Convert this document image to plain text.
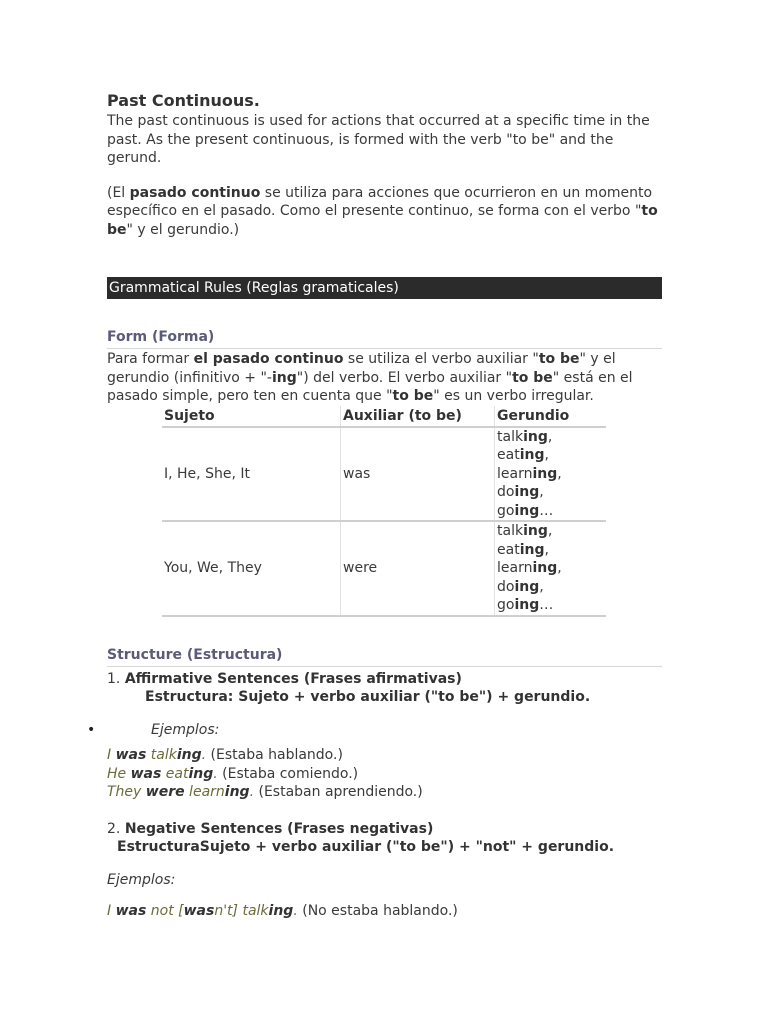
Past Continuous.

The past continuous is used for actions that occurred at a specific time in the past. As the present continuous, is formed with the verb "to be" and the gerund.

(El pasado continuo se utiliza para acciones que ocurrieron en un momento específico en el pasado. Como el presente continuo, se forma con el verbo "to be" y el gerundio.)

Grammatical Rules (Reglas gramaticales)
Form (Forma)

Para formar el pasado continuo se utiliza el verbo auxiliar "to be" y el gerundio (infinitivo + "-ing") del verbo. El verbo auxiliar "to be" está en el pasado simple, pero ten en cuenta que "to be" es un verbo irregular.

Sujeto	Auxiliar (to be)	Gerundio
I, He, She, It	was	talking,
eating,
learning,
doing,
going…

You, We, They	were	talking,
eating,
learning,
doing,
going…
Structure (Estructura)
1. Affirmative Sentences (Frases afirmativas)
Estructura: Sujeto + verbo auxiliar ("to be") + gerundio.
•	Ejemplos:
I was talking. (Estaba hablando.)
He was eating. (Estaba comiendo.)
They were learning. (Estaban aprendiendo.)
2. Negative Sentences (Frases negativas)
EstructuraSujeto + verbo auxiliar ("to be") + "not" + gerundio.
Ejemplos:
I was not [wasn't] talking. (No estaba hablando.)
